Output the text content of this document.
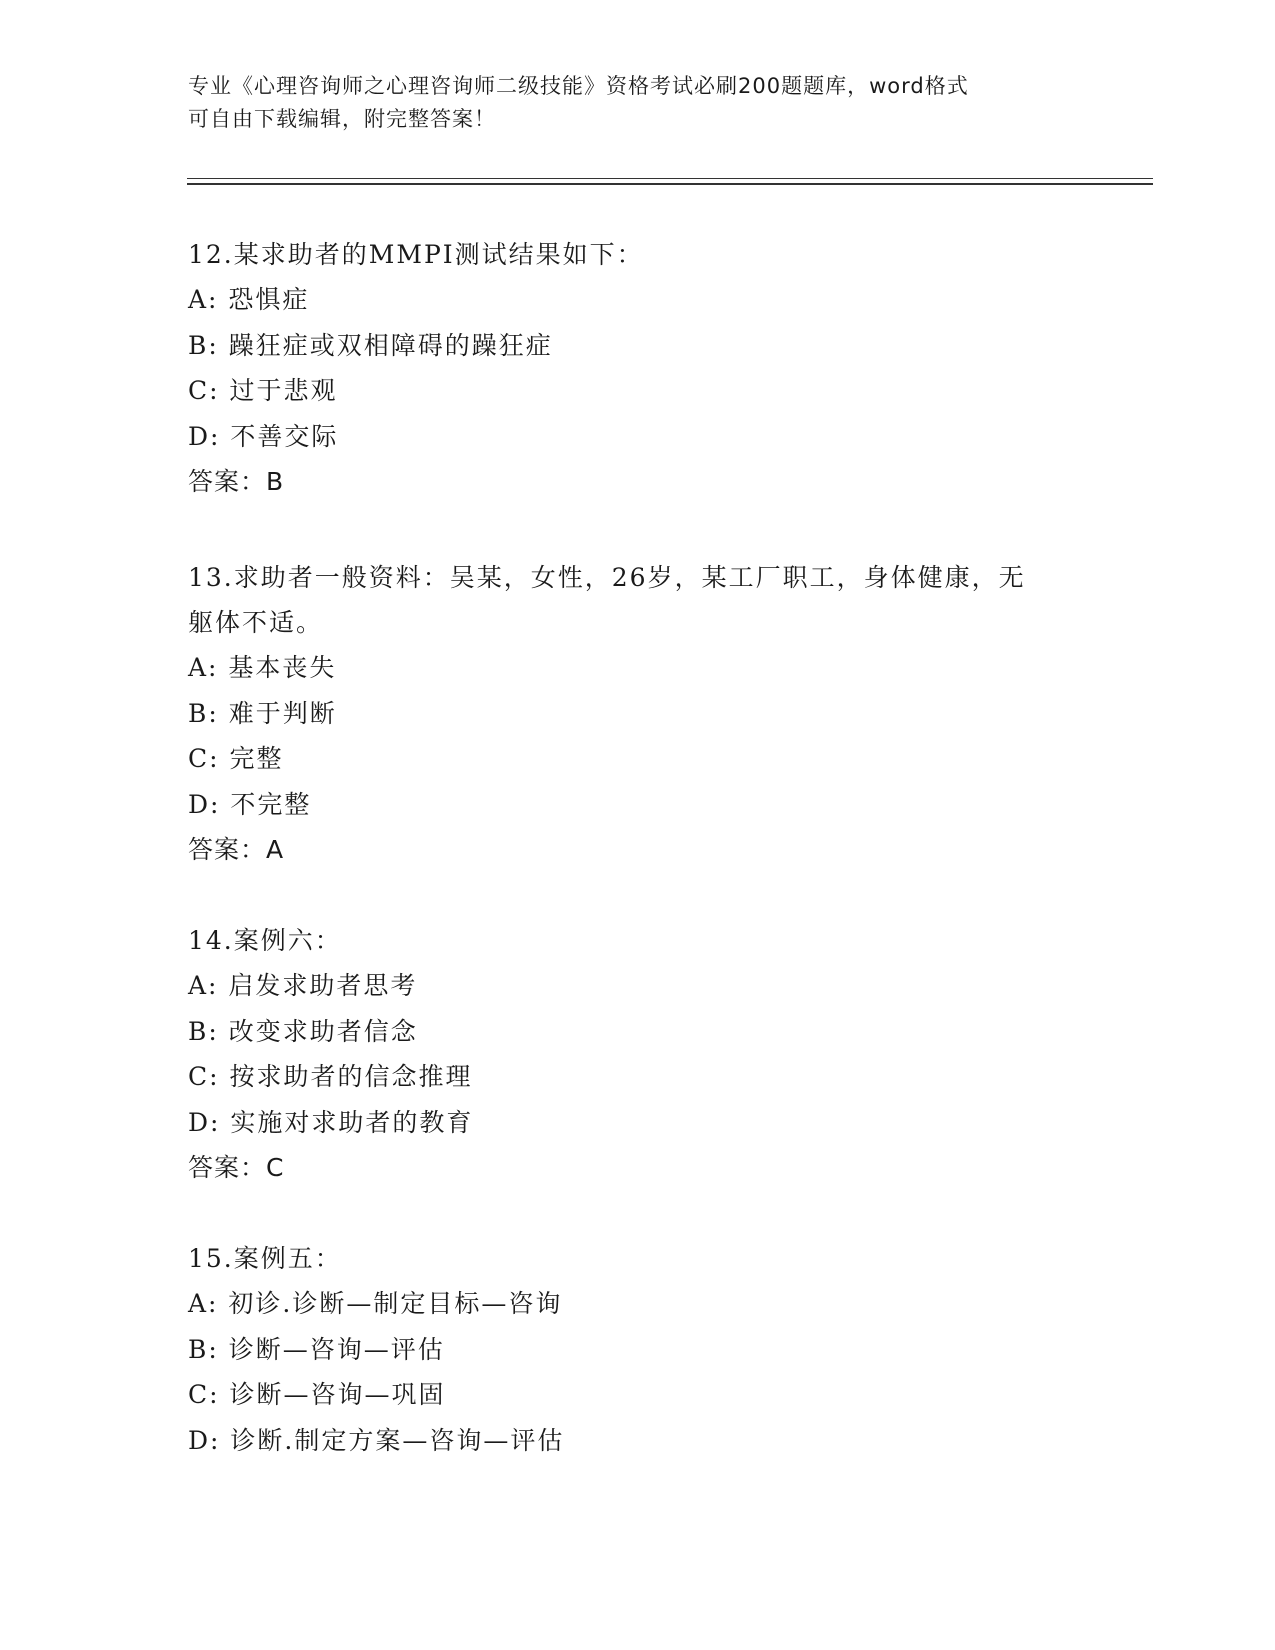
专业《心理咨询师之心理咨询师二级技能》资格考试必刷200题题库，word格式
可自由下载编辑，附完整答案！

12.某求助者的MMPI测试结果如下：

A: 恐惧症

B: 躁狂症或双相障碍的躁狂症

C: 过于悲观

D: 不善交际

答案：B

13.求助者一般资料：吴某，女性，26岁，某工厂职工，身体健康，无

躯体不适。

A: 基本丧失

B: 难于判断

C: 完整

D: 不完整

答案：A

14.案例六：

A: 启发求助者思考

B: 改变求助者信念

C: 按求助者的信念推理

D: 实施对求助者的教育

答案：C

15.案例五：

A: 初诊.诊断—制定目标—咨询

B: 诊断—咨询—评估

C: 诊断—咨询—巩固

D: 诊断.制定方案—咨询—评估
